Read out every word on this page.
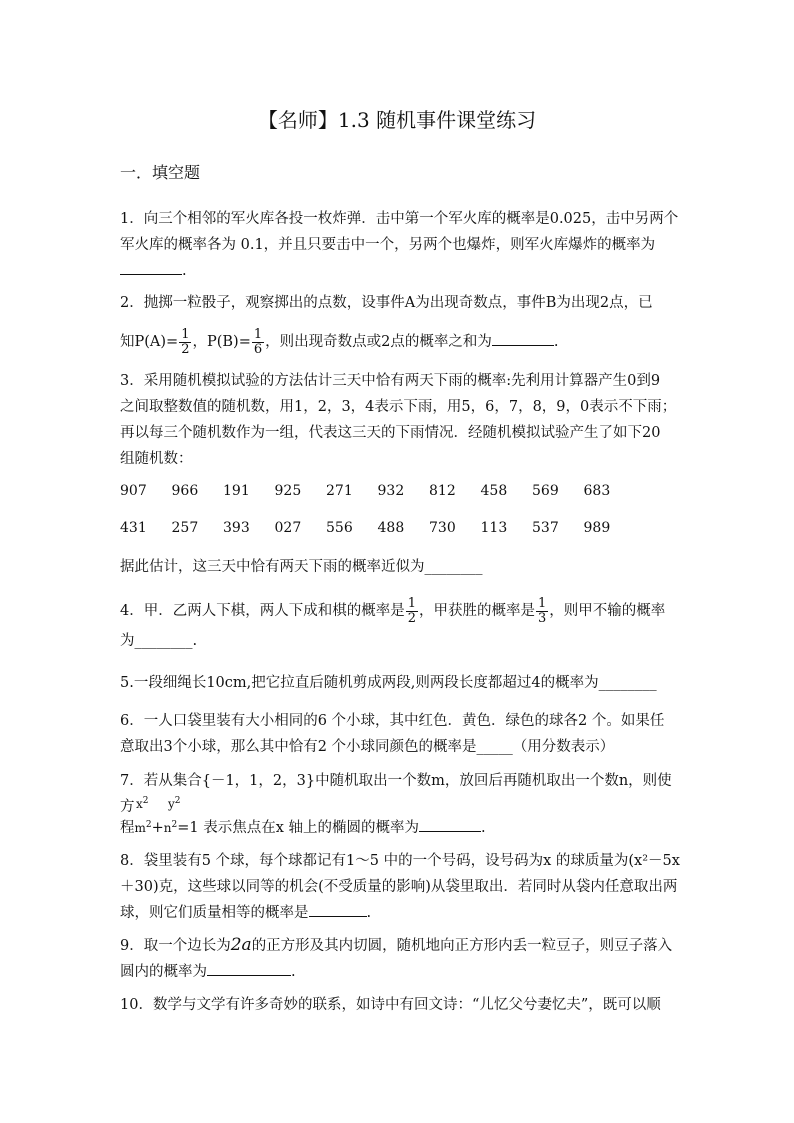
【名师】1.3 随机事件课堂练习
一．填空题
1．向三个相邻的军火库各投一枚炸弹．击中第一个军火库的概率是0.025，击中另两个
军火库的概率各为 0.1，并且只要击中一个，另两个也爆炸，则军火库爆炸的概率为
.
2．抛掷一粒骰子，观察掷出的点数，设事件A为出现奇数点，事件B为出现2点，已
知$P(A)= \frac{1}{2}$ ，$P(B)= \frac{1}{6}$ ，则出现奇数点或2点的概率之和为	.
3．采用随机模拟试验的方法估计三天中恰有两天下雨的概率:先利用计算器产生0到9
之间取整数值的随机数，用1，2，3，4表示下雨，用5，6，7，8，9，0表示不下雨；
再以每三个随机数作为一组，代表这三天的下雨情况．经随机模拟试验产生了如下20
组随机数：
907 966 191 925 271 932 812 458 569 683
431 257 393 027 556 488 730 113 537 989
据此估计，这三天中恰有两天下雨的概率近似为________
4．甲．乙两人下棋，两人下成和棋的概率是 $\frac{1}{2}$ ，甲获胜的概率是 $\frac{1}{3}$ ，则甲不输的概率
为________.
5.一段细绳长10cm,把它拉直后随机剪成两段,则两段长度都超过4的概率为________
6．一人口袋里装有大小相同的6 个小球，其中红色．黄色．绿色的球各2 个。如果任
意取出3个小球，那么其中恰有2 个小球同颜色的概率是_____（用分数表示）
7．若从集合{－1，1，2，3}中随机取出一个数m，放回后再随机取出一个数n，则使方 $x^2$ $y^2$
程$m^2+n^2=1$ 表示焦点在x 轴上的椭圆的概率为	.
8．袋里装有5 个球，每个球都记有1～5 中的一个号码，设号码为x 的球质量为(x²－5x
＋30)克，这些球以同等的机会(不受质量的影响)从袋里取出．若同时从袋内任意取出两
球，则它们质量相等的概率是	.
9．取一个边长为2a的正方形及其内切圆，随机地向正方形内丢一粒豆子，则豆子落入
圆内的概率为	.
10．数学与文学有许多奇妙的联系，如诗中有回文诗：“儿忆父兮妻忆夫”，既可以顺
